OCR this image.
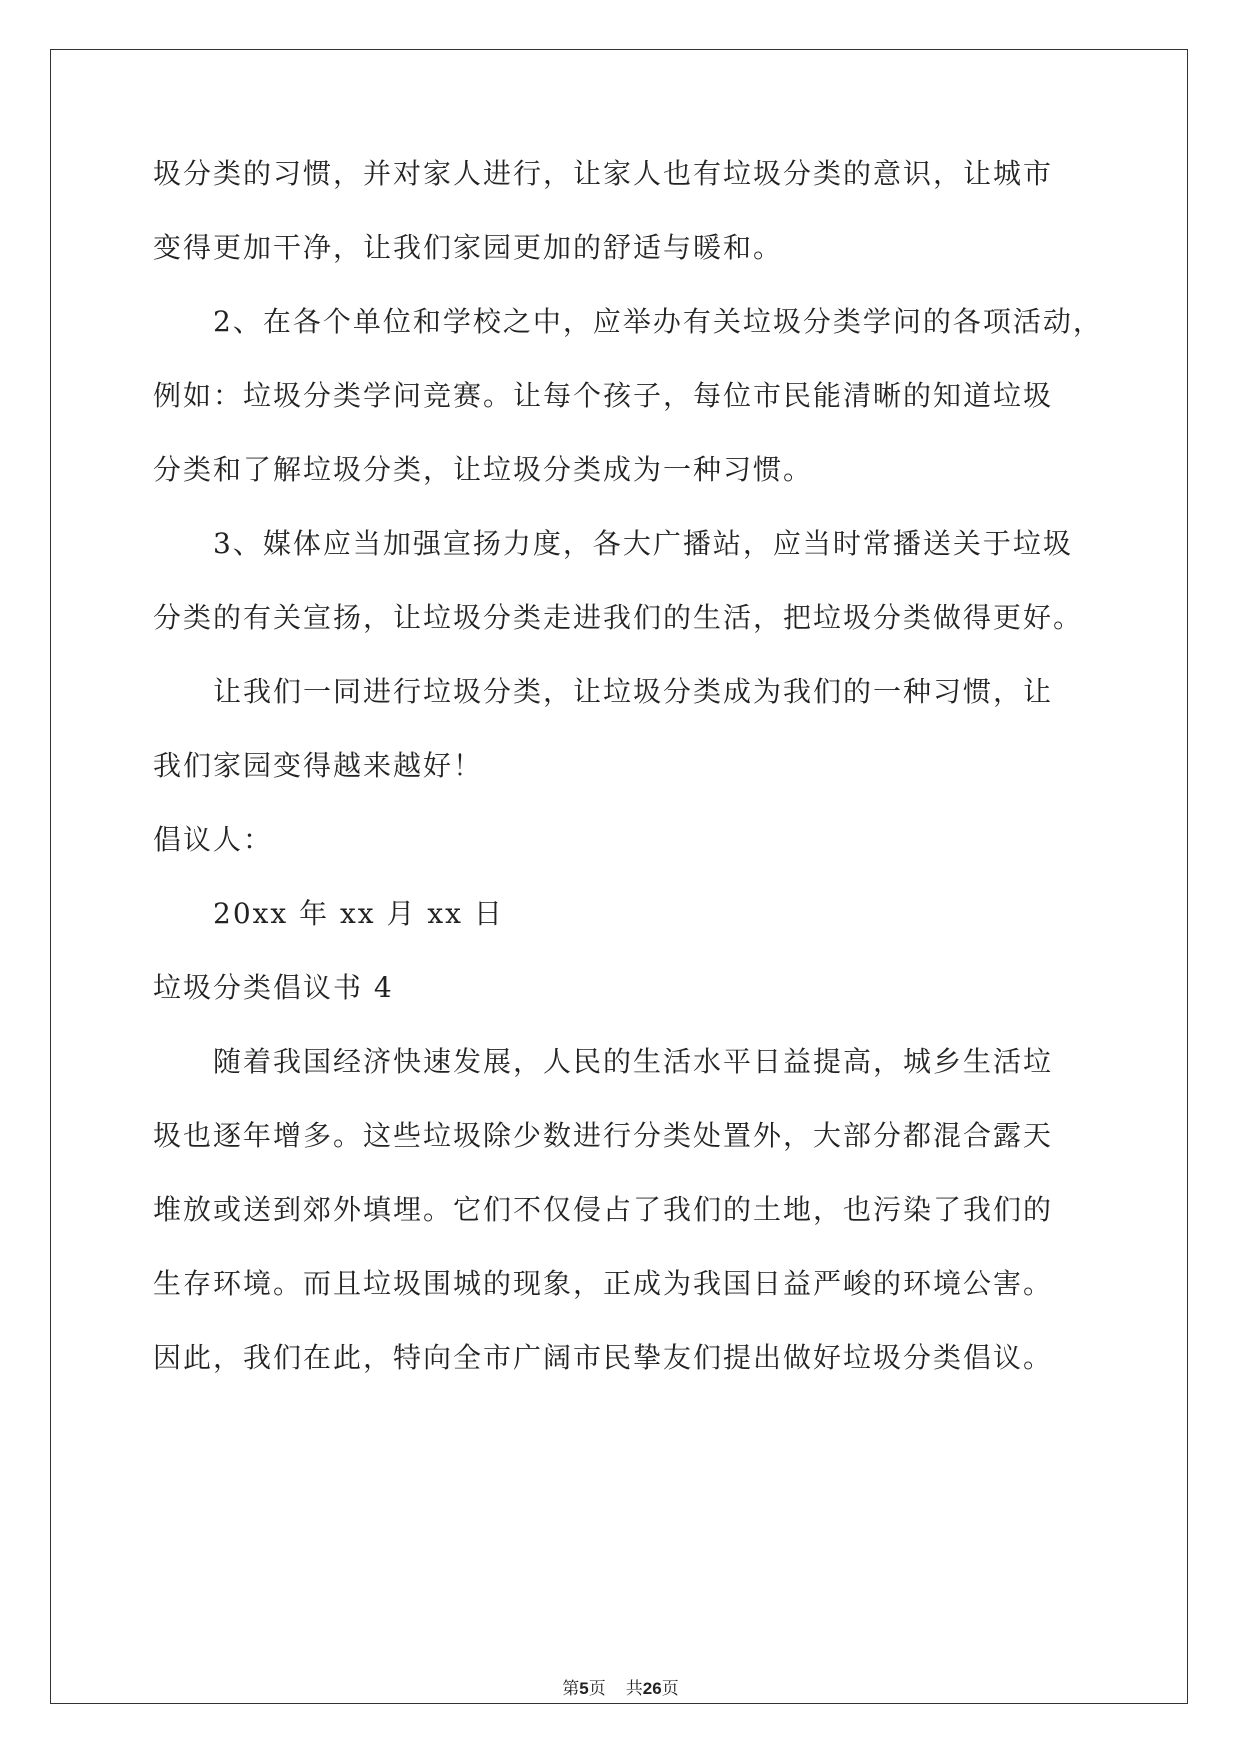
圾分类的习惯，并对家人进行，让家人也有垃圾分类的意识，让城市
变得更加干净，让我们家园更加的舒适与暖和。
2、在各个单位和学校之中，应举办有关垃圾分类学问的各项活动，
例如：垃圾分类学问竞赛。让每个孩子，每位市民能清晰的知道垃圾
分类和了解垃圾分类，让垃圾分类成为一种习惯。
3、媒体应当加强宣扬力度，各大广播站，应当时常播送关于垃圾
分类的有关宣扬，让垃圾分类走进我们的生活，把垃圾分类做得更好。
让我们一同进行垃圾分类，让垃圾分类成为我们的一种习惯，让
我们家园变得越来越好！
倡议人：
20xx 年 xx 月 xx 日
垃圾分类倡议书 4
随着我国经济快速发展，人民的生活水平日益提高，城乡生活垃
圾也逐年增多。这些垃圾除少数进行分类处置外，大部分都混合露天
堆放或送到郊外填埋。它们不仅侵占了我们的土地，也污染了我们的
生存环境。而且垃圾围城的现象，正成为我国日益严峻的环境公害。
因此，我们在此，特向全市广阔市民挚友们提出做好垃圾分类倡议。
第5页 共26页
